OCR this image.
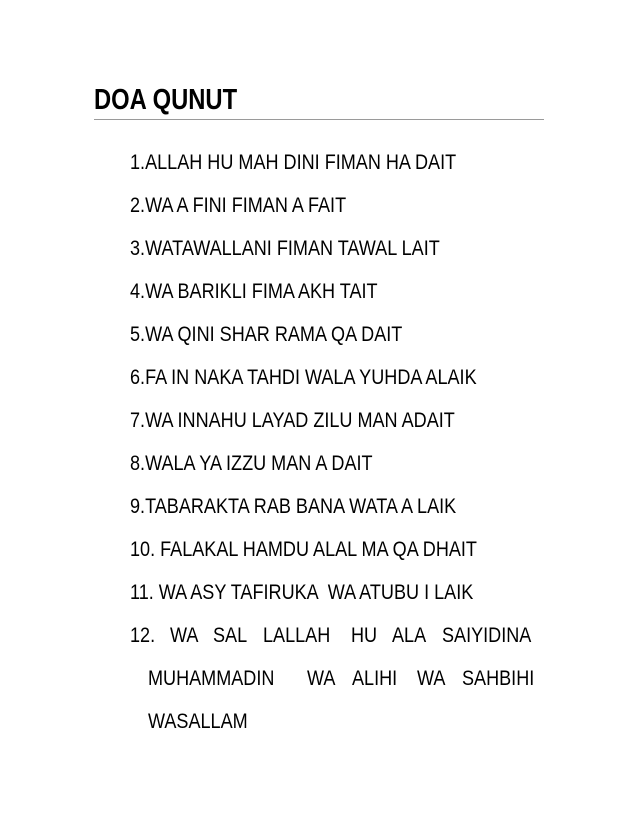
DOA QUNUT
1.ALLAH HU MAH DINI FIMAN HA DAIT
2.WA A FINI FIMAN A FAIT
3.WATAWALLANI FIMAN TAWAL LAIT
4.WA BARIKLI FIMA AKH TAIT
5.WA QINI SHAR RAMA QA DAIT
6.FA IN NAKA TAHDI WALA YUHDA ALAIK
7.WA INNAHU LAYAD ZILU MAN ADAIT
8.WALA YA IZZU MAN A DAIT
9.TABARAKTA RAB BANA WATA A LAIK
10. FALAKAL HAMDU ALAL MA QA DHAIT
11. WA ASY TAFIRUKA  WA ATUBU I LAIK
12. WA SAL LALLAH HU ALA SAIYIDINA
MUHAMMADIN WA ALIHI WA SAHBIHI
WASALLAM
